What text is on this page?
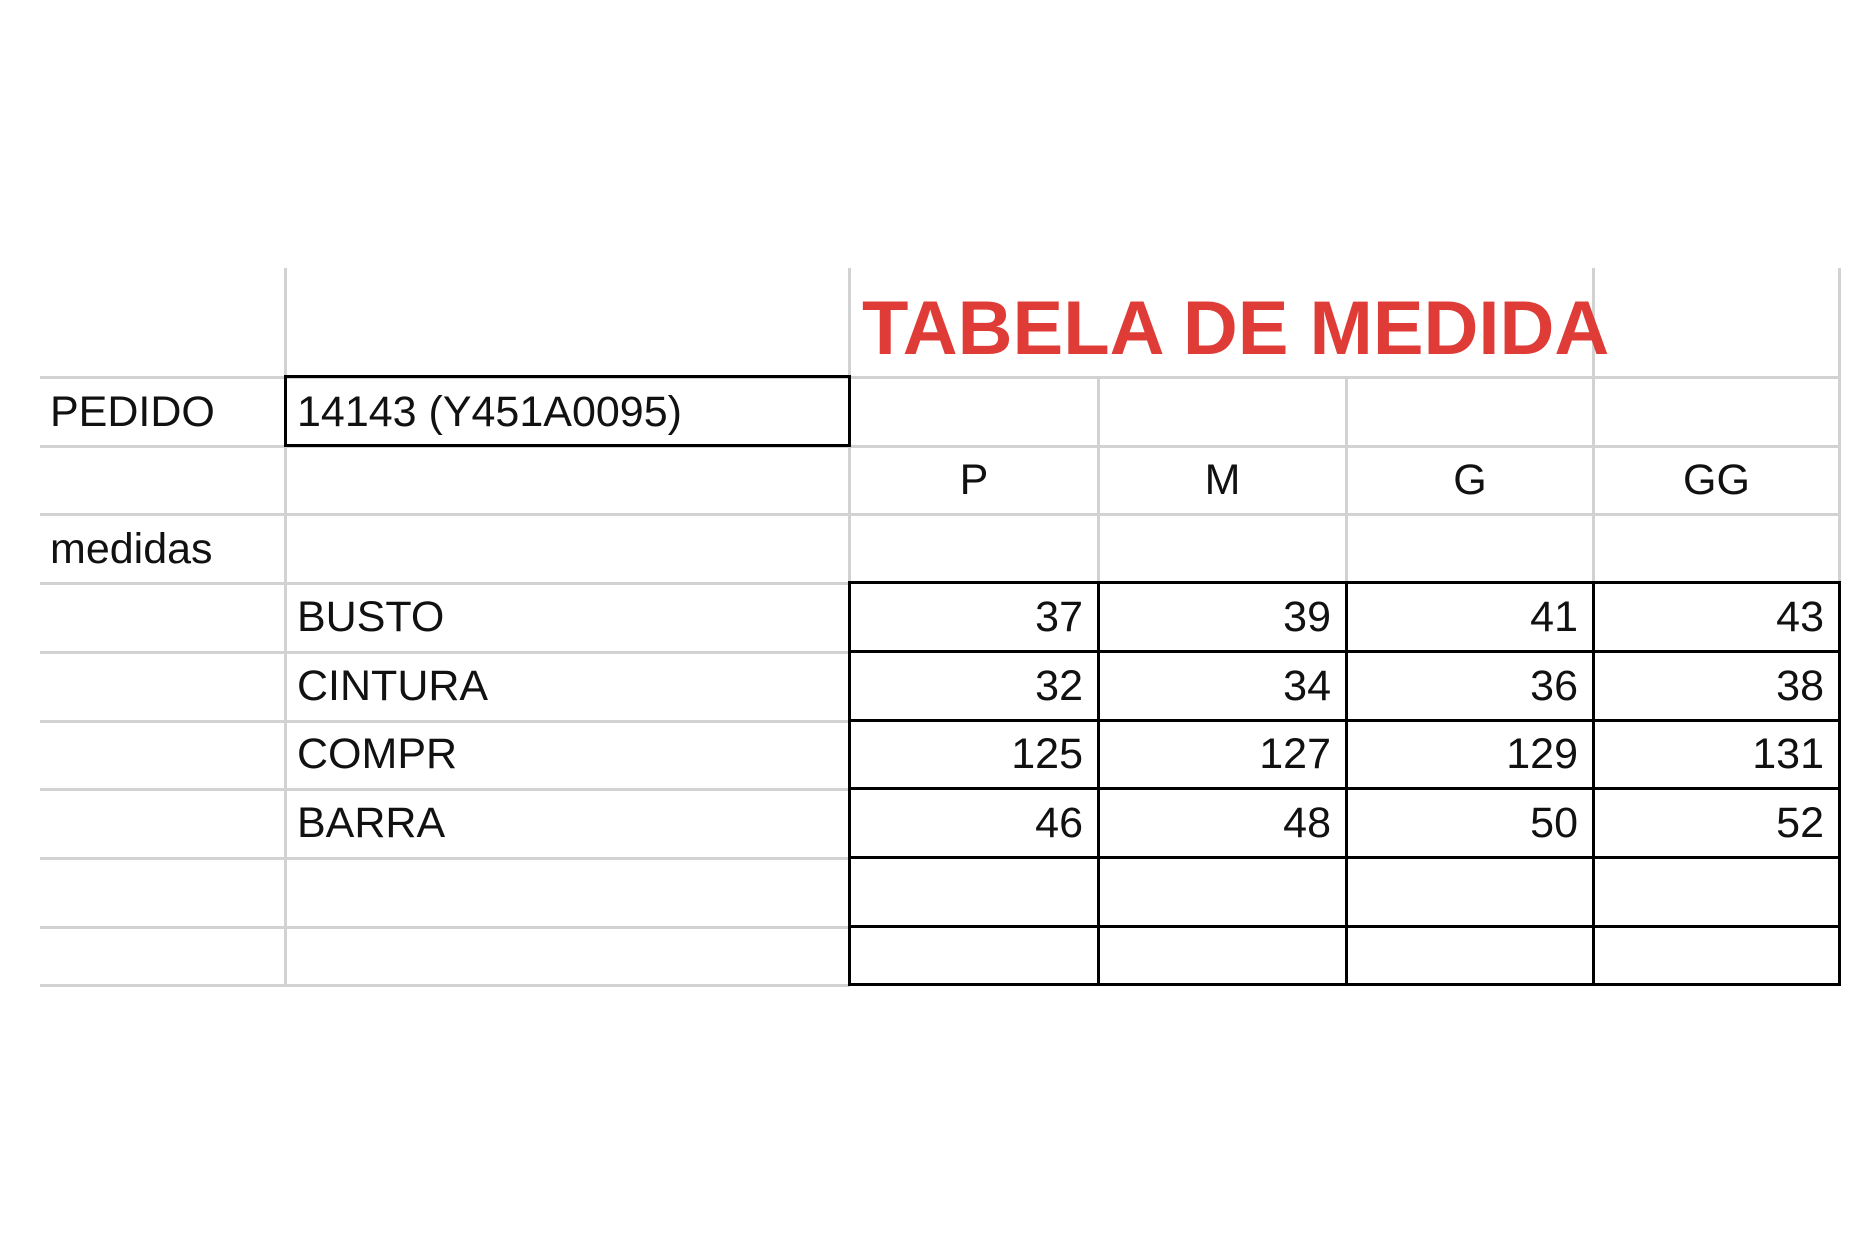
TABELA DE MEDIDA
PEDIDO	14143 (Y451A0095)
P	M	G	GG
medidas
BUSTO	37	39	41	43
CINTURA	32	34	36	38
COMPR	125	127	129	131
BARRA	46	48	50	52
